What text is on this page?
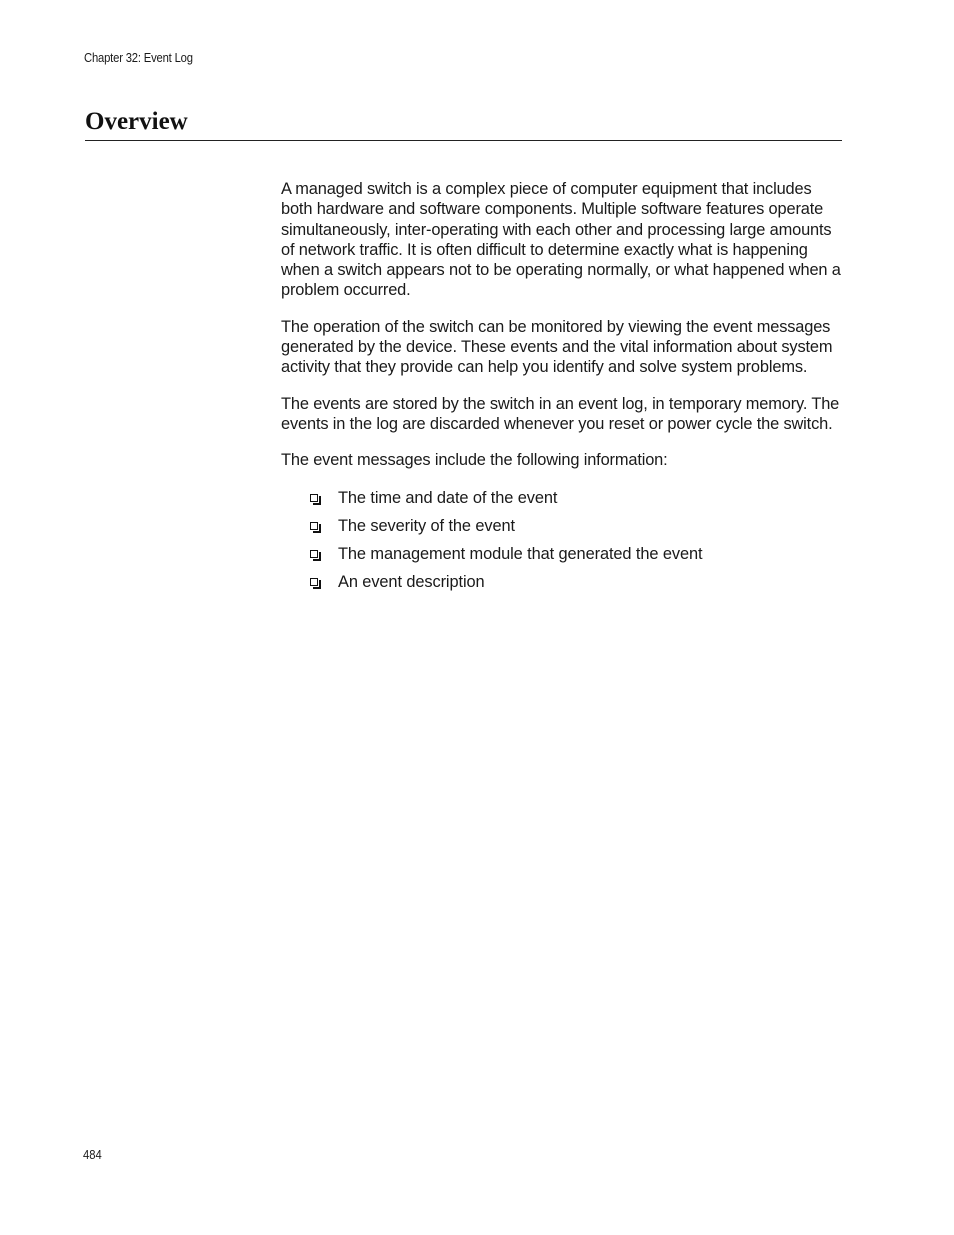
Chapter 32: Event Log
Overview

A managed switch is a complex piece of computer equipment that includes both hardware and software components. Multiple software features operate simultaneously, inter-operating with each other and processing large amounts of network traffic. It is often difficult to determine exactly what is happening when a switch appears not to be operating normally, or what happened when a problem occurred.

The operation of the switch can be monitored by viewing the event messages generated by the device. These events and the vital information about system activity that they provide can help you identify and solve system problems.

The events are stored by the switch in an event log, in temporary memory. The events in the log are discarded whenever you reset or power cycle the switch.

The event messages include the following information:

The time and date of the event
The severity of the event
The management module that generated the event
An event description
484
